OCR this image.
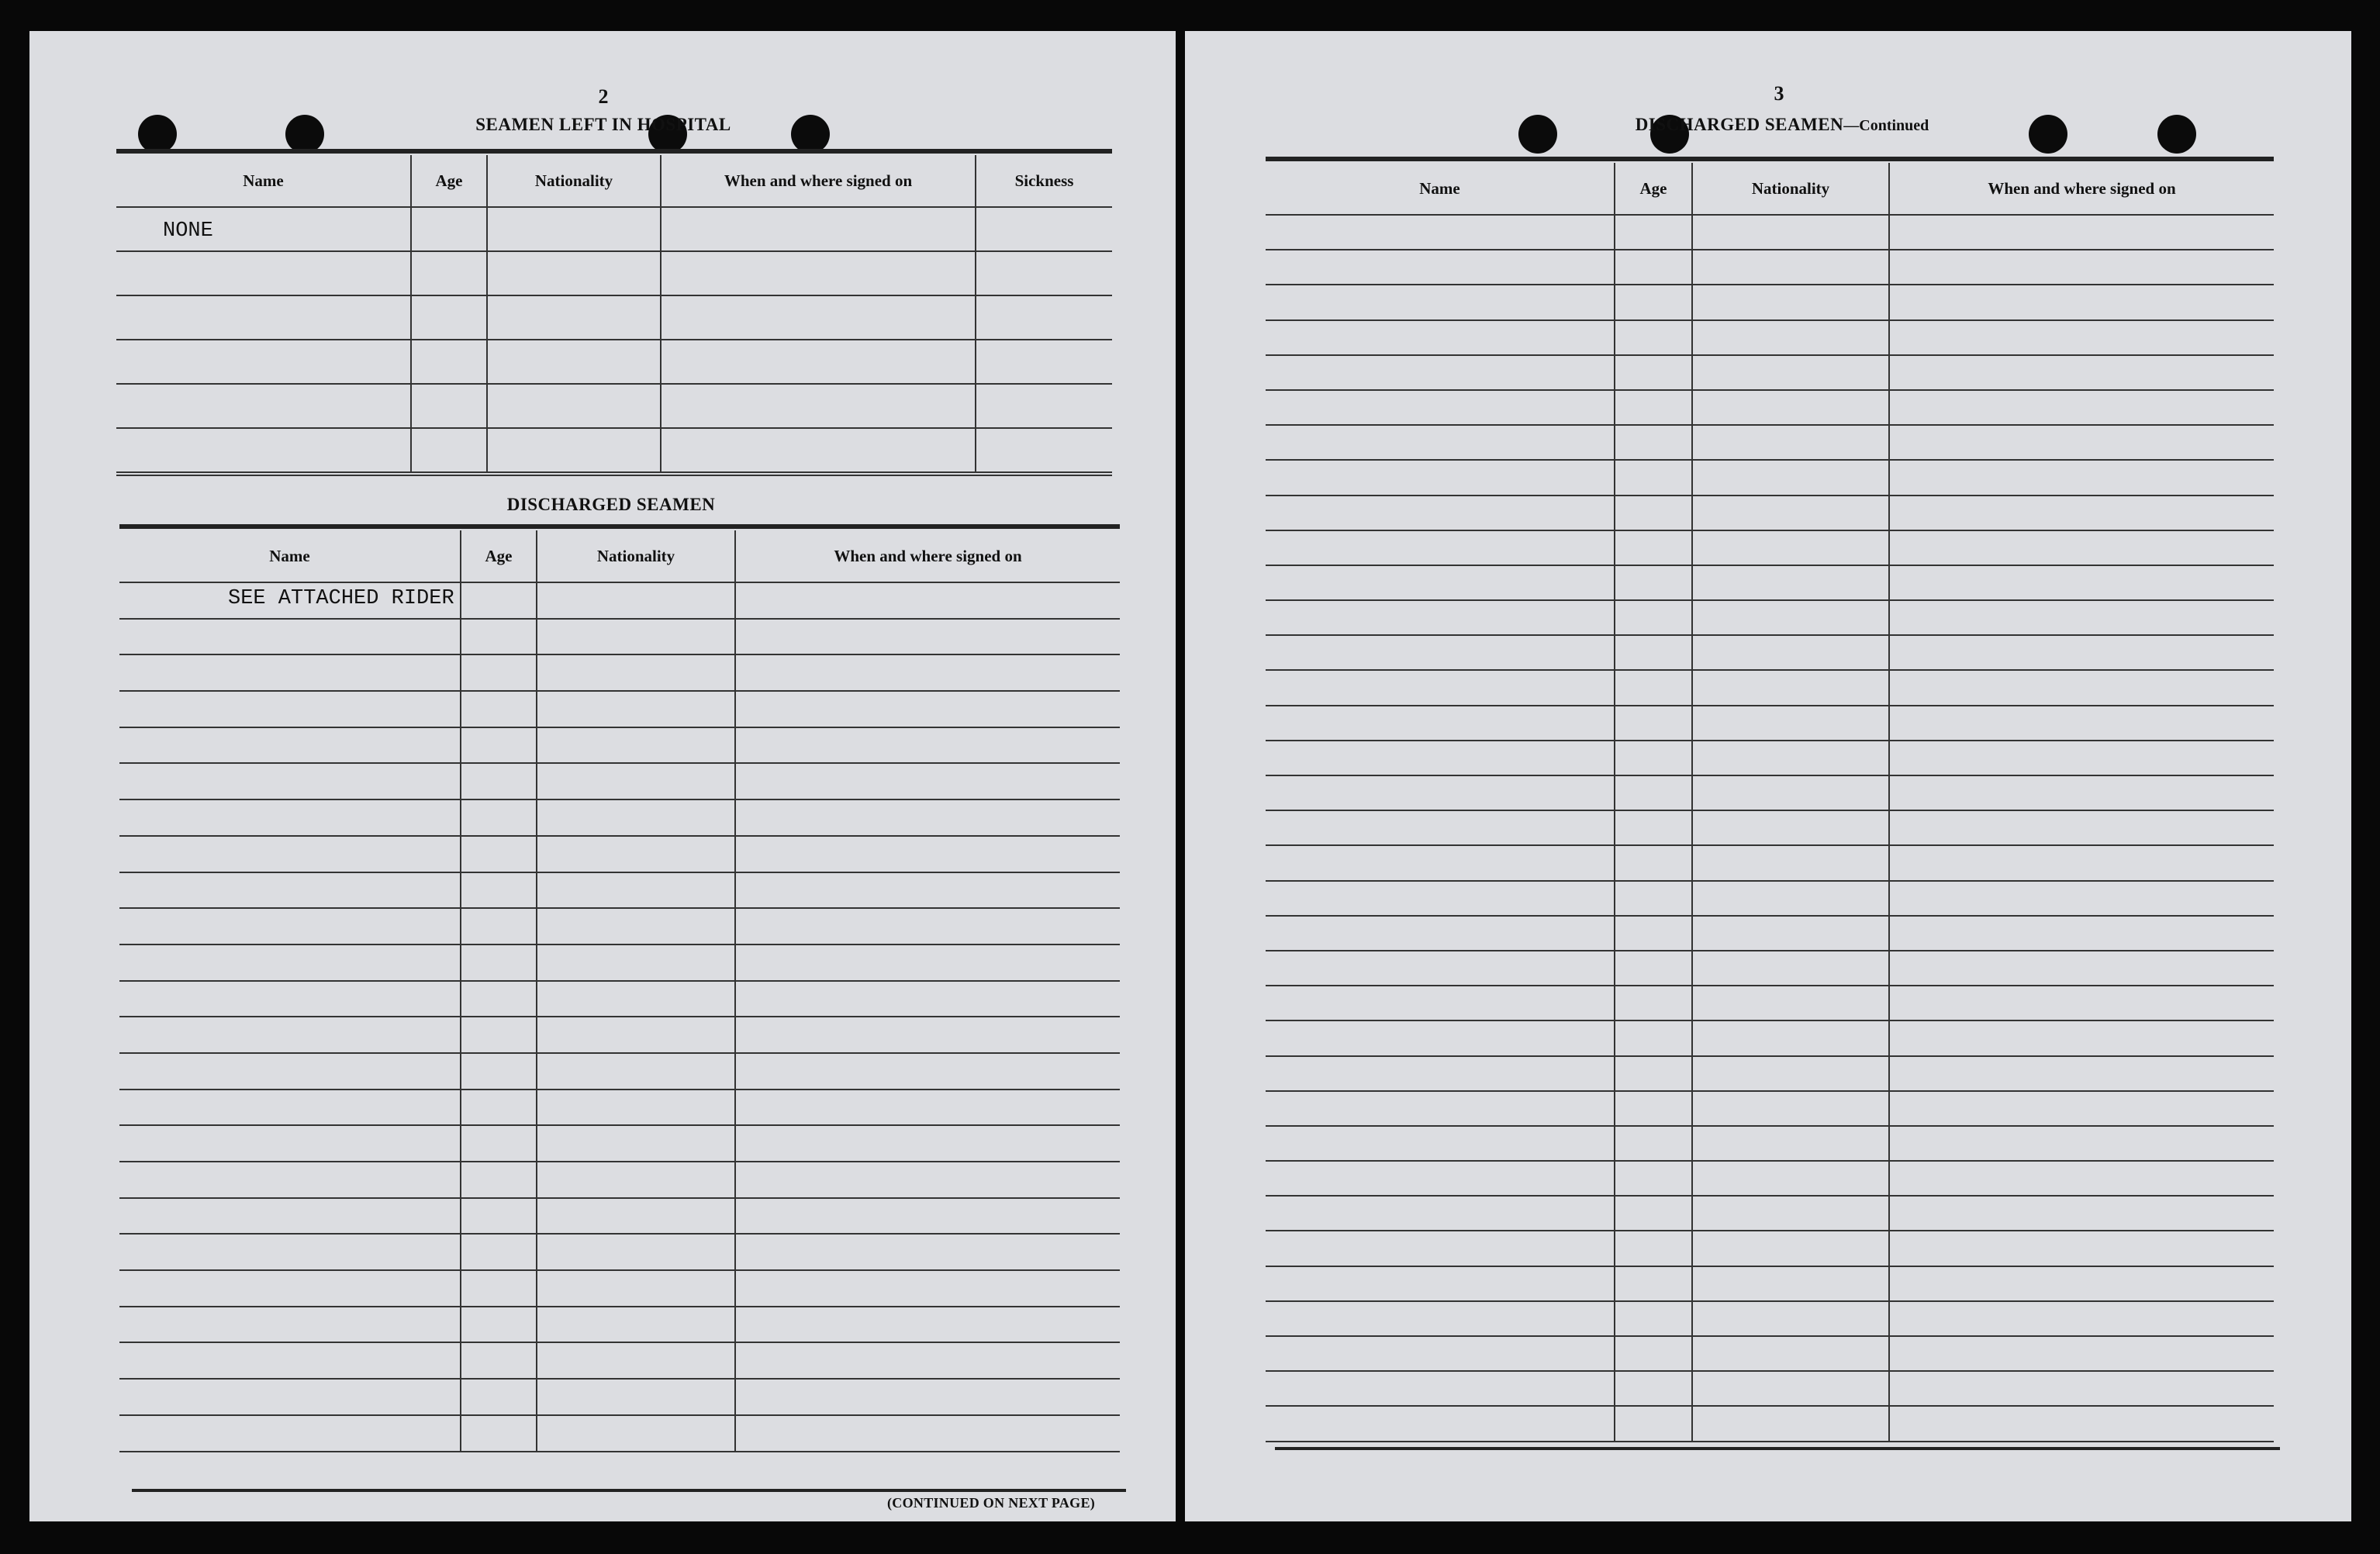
2
SEAMEN LEFT IN HOSPITAL
Name	Age	Nationality	When and where signed on	Sickness
NONE				

DISCHARGED SEAMEN
Name	Age	Nationality	When and where signed on
SEE ATTACHED RIDER			

(CONTINUED ON NEXT PAGE)
3
DISCHARGED SEAMEN—Continued
Name	Age	Nationality	When and where signed on
